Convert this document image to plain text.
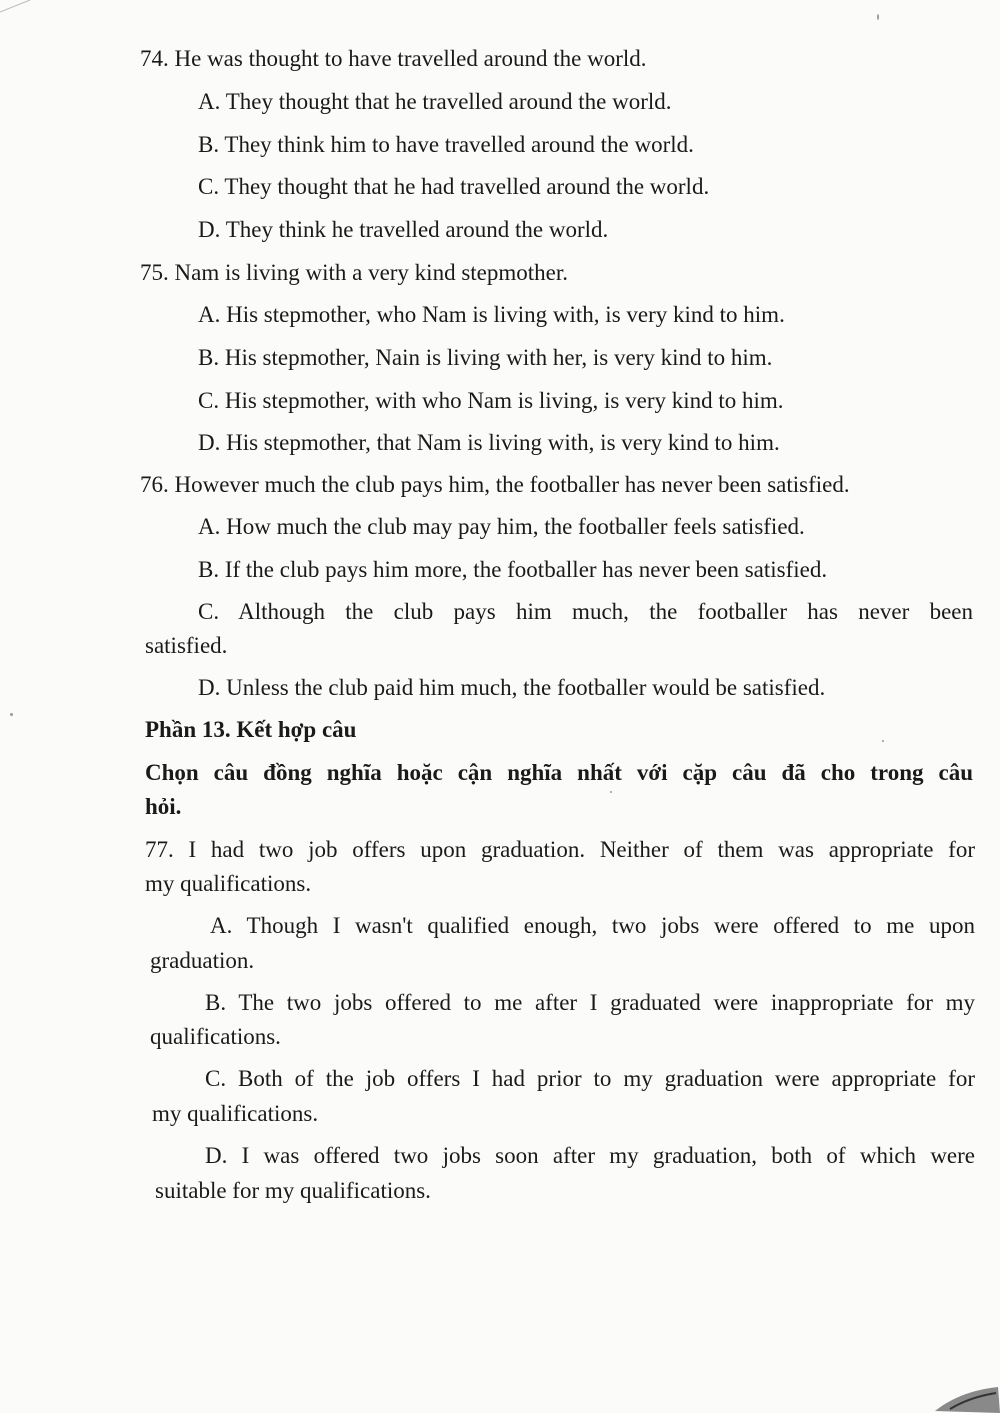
74. He was thought to have travelled around the world.
A. They thought that he travelled around the world.
B. They think him to have travelled around the world.
C. They thought that he had travelled around the world.
D. They think he travelled around the world.
75. Nam is living with a very kind stepmother.
A. His stepmother, who Nam is living with, is very kind to him.
B. His stepmother, Nain is living with her, is very kind to him.
C. His stepmother, with who Nam is living, is very kind to him.
D. His stepmother, that Nam is living with, is very kind to him.
76. However much the club pays him, the footballer has never been satisfied.
A. How much the club may pay him, the footballer feels satisfied.
B. If the club pays him more, the footballer has never been satisfied.
C. Although the club pays him much, the footballer has never been
satisfied.
D. Unless the club paid him much, the footballer would be satisfied.
Phần 13. Kết hợp câu
Chọn câu đồng nghĩa hoặc cận nghĩa nhất với cặp câu đã cho trong câu
hỏi.
77. I had two job offers upon graduation. Neither of them was appropriate for
my qualifications.
A. Though I wasn't qualified enough, two jobs were offered to me upon
graduation.
B. The two jobs offered to me after I graduated were inappropriate for my
qualifications.
C. Both of the job offers I had prior to my graduation were appropriate for
my qualifications.
D. I was offered two jobs soon after my graduation, both of which were
suitable for my qualifications.
